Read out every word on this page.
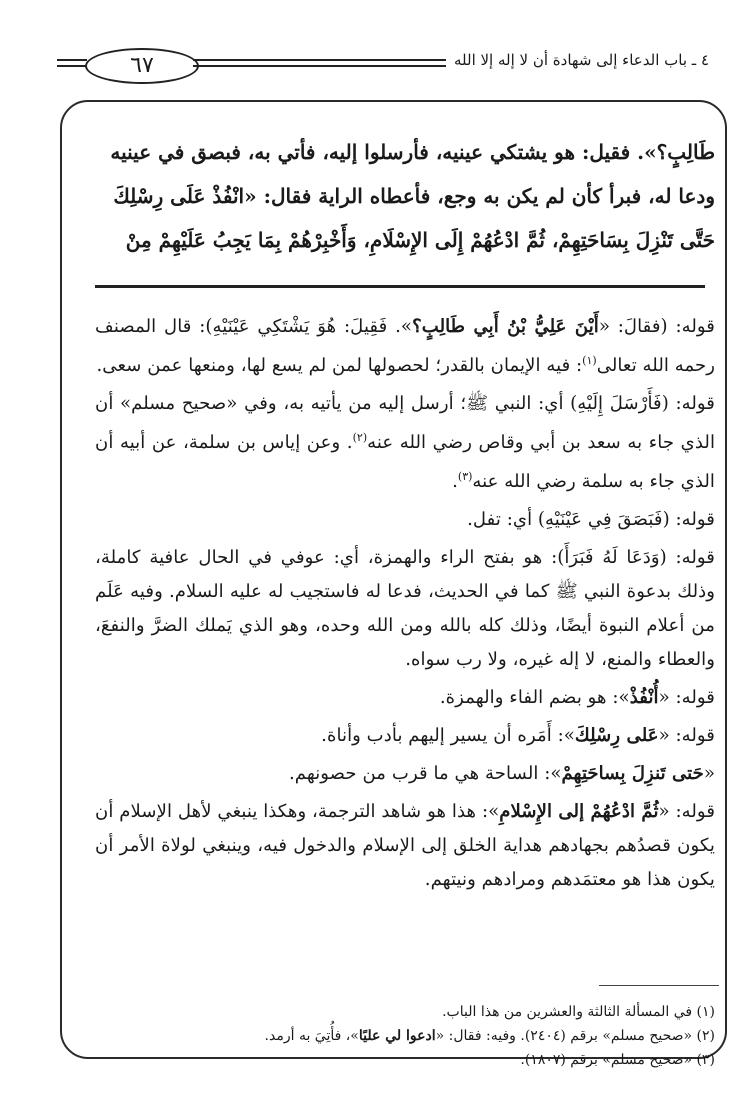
٦٧	٤ ـ باب الدعاء إلى شهادة أن لا إله إلا الله

طَالِبٍ؟». فقيل: هو يشتكي عينيه، فأرسلوا إليه، فأتي به، فبصق في عينيه

ودعا له، فبرأ كأن لم يكن به وجع، فأعطاه الراية فقال: «انْفُذْ عَلَى رِسْلِكَ

حَتَّى تَنْزِلَ بِسَاحَتِهِمْ، ثُمَّ ادْعُهُمْ إِلَى الإِسْلَامِ، وَأَخْبِرْهُمْ بِمَا يَجِبُ عَلَيْهِمْ مِنْ

قوله: (فقالَ: «أَيْنَ عَلِيُّ بْنُ أَبِي طَالِبٍ؟». فَقِيلَ: هُوَ يَشْتَكِي عَيْنَيْهِ): قال المصنف رحمه الله تعالى$^{(١)}$: فيه الإيمان بالقدر؛ لحصولها لمن لم يسع لها، ومنعها عمن سعى.

قوله: (فَأَرْسَلَ إِلَيْهِ) أي: النبي ﷺ؛ أرسل إليه من يأتيه به، وفي «صحيح مسلم» أن الذي جاء به سعد بن أبي وقاص رضي الله عنه$^{(٢)}$. وعن إياس بن سلمة، عن أبيه أن الذي جاء به سلمة رضي الله عنه$^{(٣)}$.

قوله: (فَبَصَقَ فِي عَيْنَيْهِ) أي: تفل.

قوله: (وَدَعَا لَهُ فَبَرَأَ): هو بفتح الراء والهمزة، أي: عوفي في الحال عافية كاملة، وذلك بدعوة النبي ﷺ كما في الحديث، فدعا له فاستجيب له عليه السلام. وفيه عَلَم من أعلام النبوة أيضًا، وذلك كله بالله ومن الله وحده، وهو الذي يَملك الضرَّ والنفعَ، والعطاء والمنع، لا إله غيره، ولا رب سواه.

قوله: «أُنْفُذْ»: هو بضم الفاء والهمزة.

قوله: «عَلى رِسْلِكَ»: أَمَره أن يسير إليهم بأدب وأناة.

«حَتى تَنزِلَ بِساحَتِهِمْ»: الساحة هي ما قرب من حصونهم.

قوله: «ثُمَّ ادْعُهُمْ إلى الإِسْلامِ»: هذا هو شاهد الترجمة، وهكذا ينبغي لأهل الإسلام أن يكون قصدُهم بجهادهم هداية الخلق إلى الإسلام والدخول فيه، وينبغي لولاة الأمر أن يكون هذا هو معتمَدهم ومرادهم ونيتهم.

(١) في المسألة الثالثة والعشرين من هذا الباب.

(٢) «صحيح مسلم» برقم (٢٤٠٤). وفيه: فقال: «ادعوا لي عليًا»، فأُتِيَ به أرمد.

(٣) «صحيح مسلم» برقم (١٨٠٧).
